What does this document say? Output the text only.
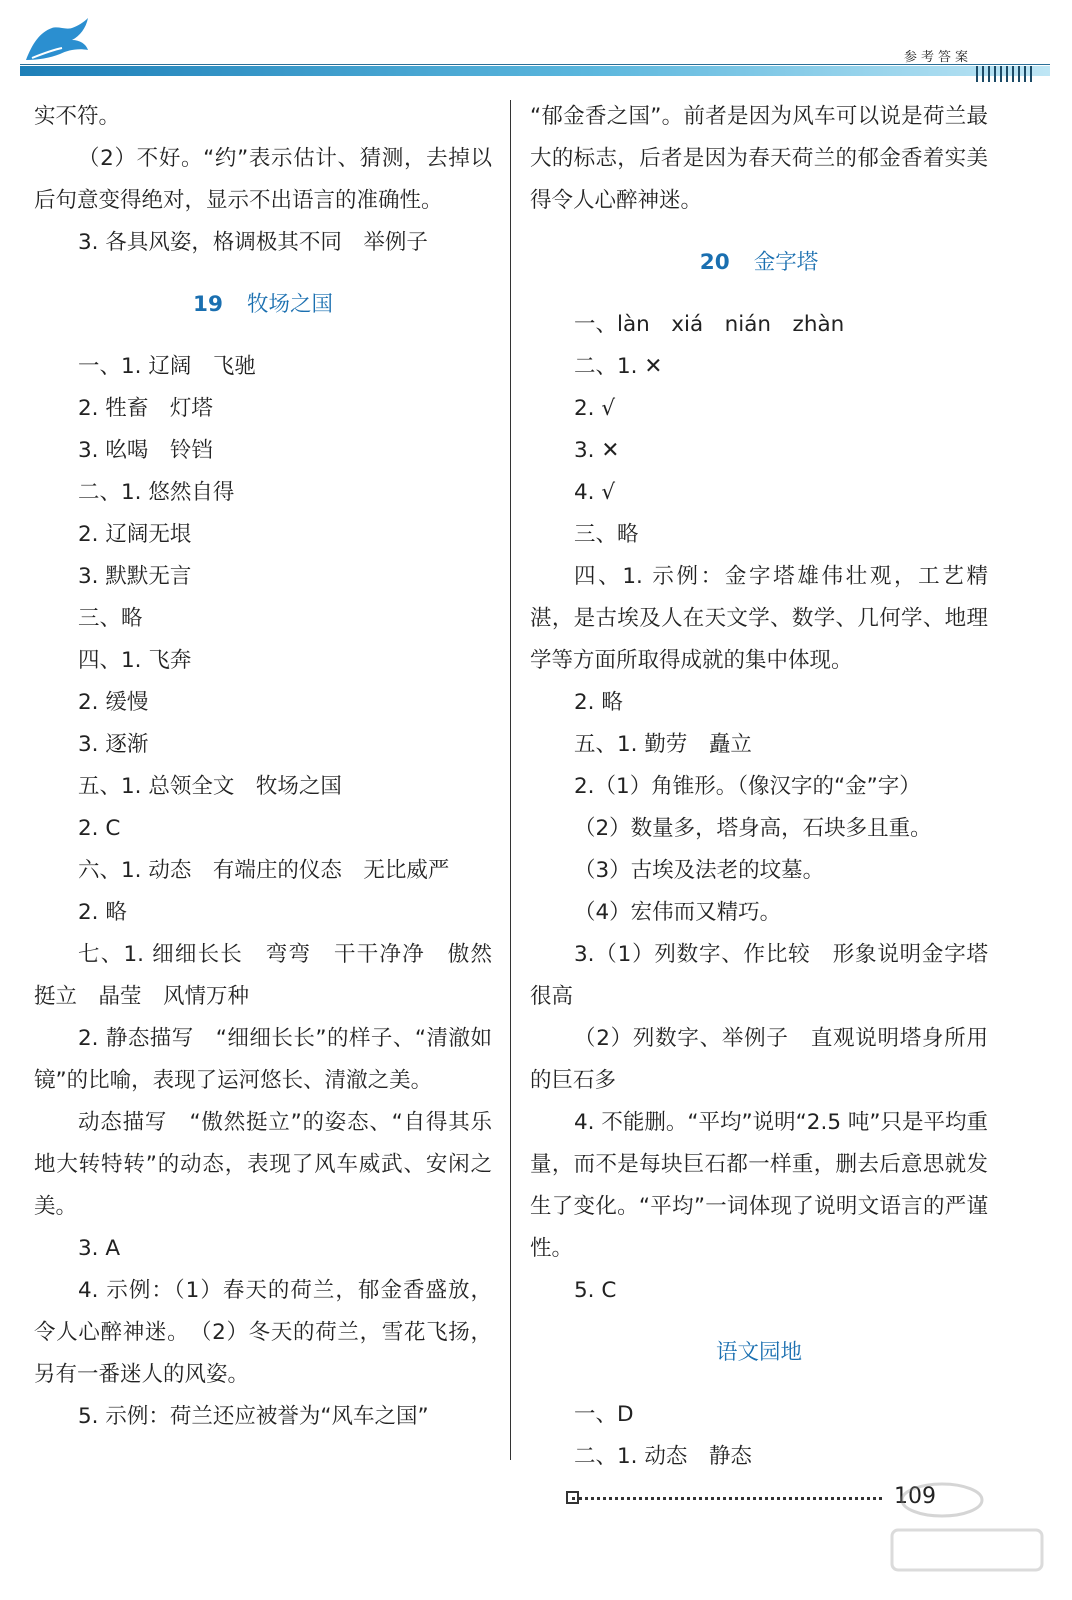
参考答案

实不符。

（2）不好。“约”表示估计、猜测，去掉以后句意变得绝对，显示不出语言的准确性。

3. 各具风姿，格调极其不同　举例子

19 牧场之国

一、1. 辽阔　飞驰

2. 牲畜　灯塔

3. 吆喝　铃铛

二、1. 悠然自得

2. 辽阔无垠

3. 默默无言

三、略

四、1. 飞奔

2. 缓慢

3. 逐渐

五、1. 总领全文　牧场之国

2. C

六、1. 动态　有端庄的仪态　无比威严

2. 略

七、1. 细细长长　弯弯　干干净净　傲然挺立　晶莹　风情万种

2. 静态描写　“细细长长”的样子、“清澈如镜”的比喻，表现了运河悠长、清澈之美。

动态描写　“傲然挺立”的姿态、“自得其乐地大转特转”的动态，表现了风车威武、安闲之美。

3. A

4. 示例：（1）春天的荷兰，郁金香盛放，令人心醉神迷。　（2）冬天的荷兰，雪花飞扬，另有一番迷人的风姿。

5. 示例：荷兰还应被誉为“风车之国”

“郁金香之国”。前者是因为风车可以说是荷兰最大的标志，后者是因为春天荷兰的郁金香着实美得令人心醉神迷。

20 金字塔

一、làn　xiá　nián　zhàn

二、1. ✕

2. √

3. ✕

4. √

三、略

四、1. 示例：金字塔雄伟壮观，工艺精湛，是古埃及人在天文学、数学、几何学、地理学等方面所取得成就的集中体现。

2. 略

五、1. 勤劳　矗立

2.（1）角锥形。（像汉字的“金”字）

（2）数量多，塔身高，石块多且重。

（3）古埃及法老的坟墓。

（4）宏伟而又精巧。

3.（1）列数字、作比较　形象说明金字塔很高

（2）列数字、举例子　直观说明塔身所用的巨石多

4. 不能删。“平均”说明“2.5 吨”只是平均重量，而不是每块巨石都一样重，删去后意思就发生了变化。“平均”一词体现了说明文语言的严谨性。

5. C

语文园地

一、D

二、1. 动态　静态

109
